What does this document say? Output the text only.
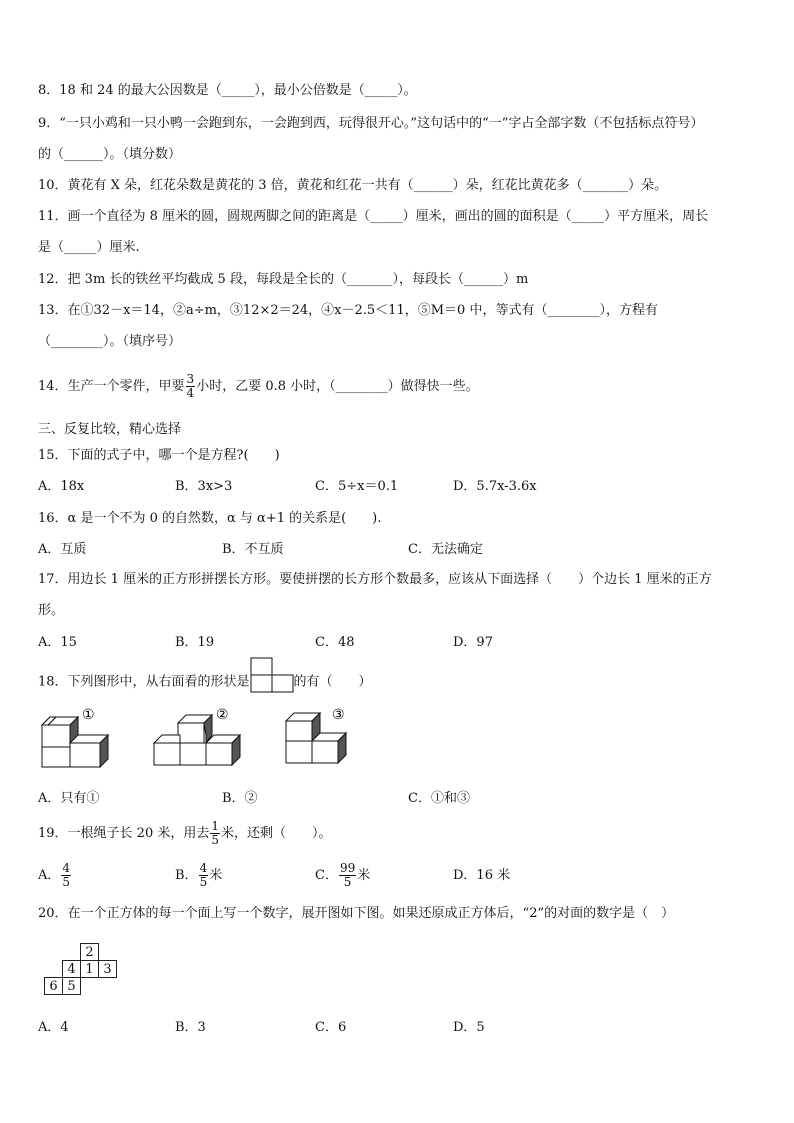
8．18 和 24 的最大公因数是（_____），最小公倍数是（_____）。
9．“一只小鸡和一只小鸭一会跑到东，一会跑到西，玩得很开心。”这句话中的“一”字占全部字数（不包括标点符号）
的（______）。（填分数）
10．黄花有 X 朵，红花朵数是黄花的 3 倍，黄花和红花一共有（______）朵，红花比黄花多（_______）朵。
11．画一个直径为 8 厘米的圆，圆规两脚之间的距离是（_____）厘米，画出的圆的面积是（_____）平方厘米，周长
是（_____）厘米.
12．把 3m 长的铁丝平均截成 5 段，每段是全长的（_______），每段长（______）m
13．在①32－x＝14，②a÷m，③12×2＝24，④x－2.5＜11，⑤M＝0 中，等式有（________），方程有
（________）。（填序号）
14．生产一个零件，甲要 $\frac{3}{4}$ 小时，乙要 0.8 小时，（________）做得快一些。
三、反复比较，精心选择
15．下面的式子中，哪一个是方程?(　　)
A．18x	B．3x>3	C．5÷x＝0.1	D．5.7x-3.6x
16．α 是一个不为 0 的自然数，α 与 α+1 的关系是(　　).
A．互质	B．不互质	C．无法确定
17．用边长 1 厘米的正方形拼摆长方形。要使拼摆的长方形个数最多，应该从下面选择（　　）个边长 1 厘米的正方
形。
A．15	B．19	C．48	D．97
18．下列图形中，从右面看的形状是	的有（　　）
①	②	③
A．只有①	B．②	C．①和③
19．一根绳子长 20 米，用去 $\frac{1}{5}$ 米，还剩（　　）。
A． $\frac{4}{5}$	B． $\frac{4}{5}$ 米	C． $\frac{99}{5}$ 米	D．16 米
20．在一个正方体的每一个面上写一个数字，展开图如下图。如果还原成正方体后，“2”的对面的数字是（　）
		2	
	4	1	3
6	5		
A．4	B．3	C．6	D．5
